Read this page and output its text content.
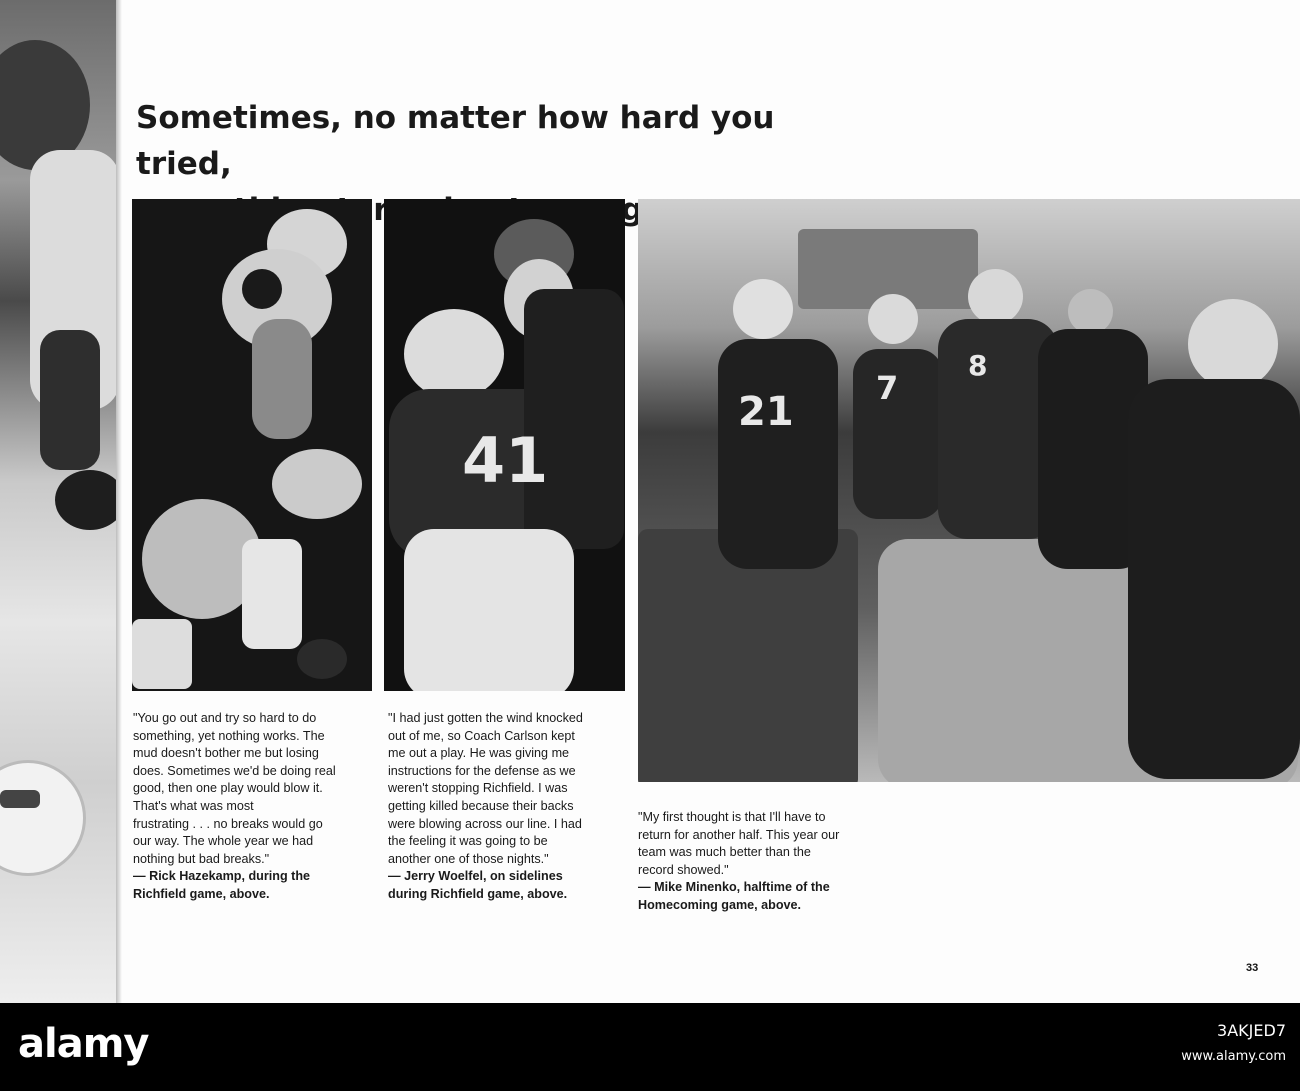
Sometimes, no matter how hard you tried,
41
21
7
8
"You go out and try so hard to do
something, yet nothing works. The
mud doesn't bother me but losing
does. Sometimes we'd be doing real
good, then one play would blow it.
That's what was most
frustrating . . . no breaks would go
our way. The whole year we had
nothing but bad breaks."
— Rick Hazekamp, during the
Richfield game, above.
"I had just gotten the wind knocked
out of me, so Coach Carlson kept
me out a play. He was giving me
instructions for the defense as we
weren't stopping Richfield. I was
getting killed because their backs
were blowing across our line. I had
the feeling it was going to be
another one of those nights."
— Jerry Woelfel, on sidelines
during Richfield game, above.
"My first thought is that I'll have to
return for another half. This year our
team was much better than the
record showed."
— Mike Minenko, halftime of the
Homecoming game, above.
33
alamy	3AKJED7
www.alamy.com
